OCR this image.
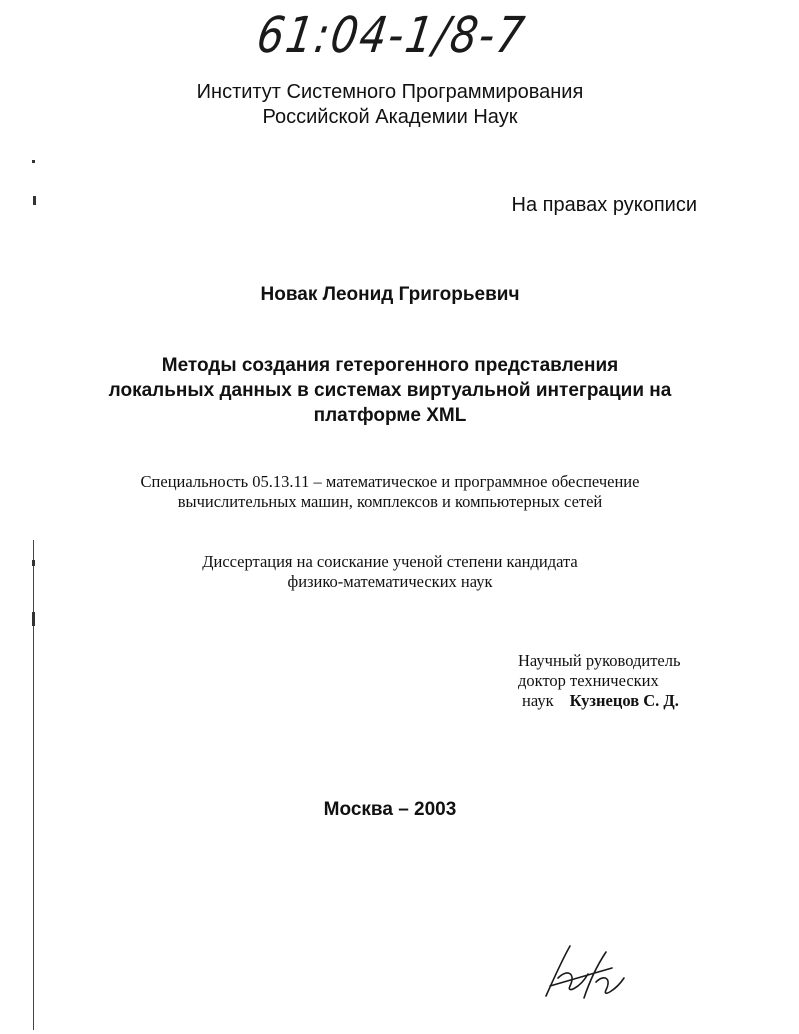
61:04-1/8-7
Институт Системного Программирования
Российской Академии Наук
На правах рукописи
Новак Леонид Григорьевич
Методы создания гетерогенного представления
локальных данных в системах виртуальной интеграции на
платформе XML
Специальность 05.13.11 – математическое и программное обеспечение
вычислительных машин, комплексов и компьютерных сетей
Диссертация на соискание ученой степени кандидата
физико-математических наук
Научный руководитель
доктор технических
наук Кузнецов С. Д.
Москва – 2003
